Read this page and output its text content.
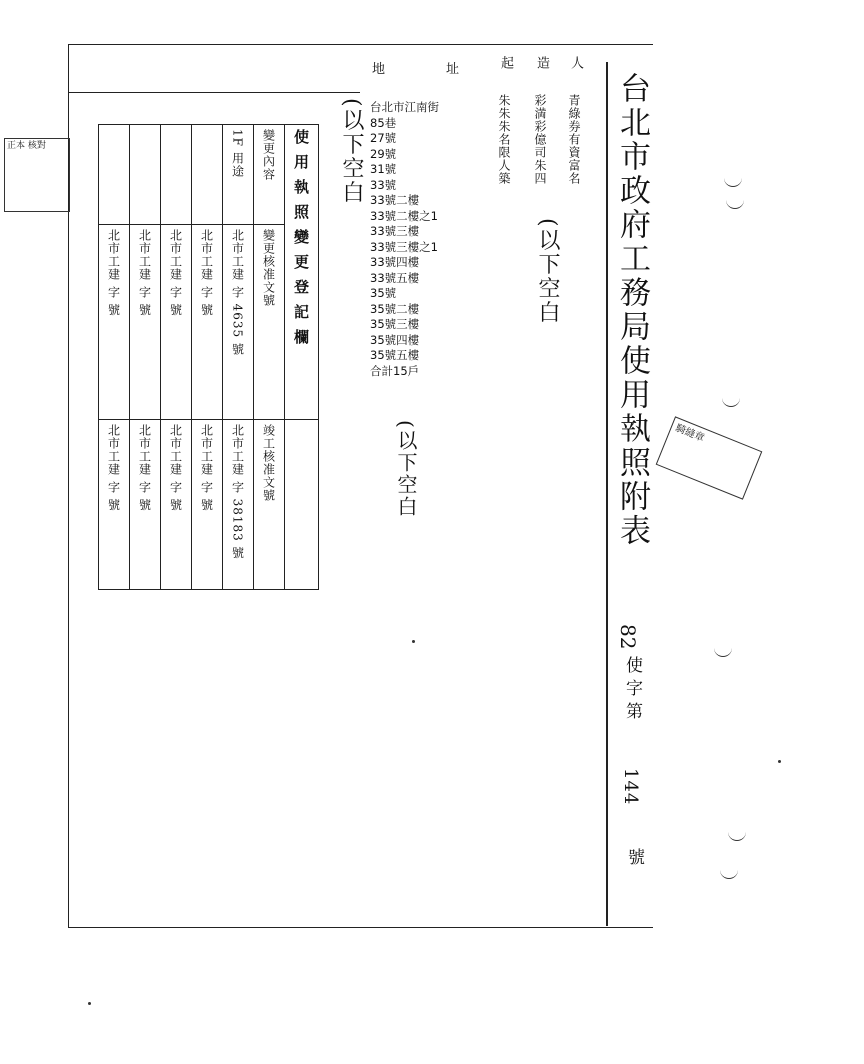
台北市政府工務局使用執照附表
82
使字第
144
號
人
造
起
地	址
青綠券有資富名
彩満彩億司朱四
朱朱朱名限人築
(以下空白
台北市江南街
85巷
27號
29號
31號
33號
33號二樓
33號二樓之1
33號三樓
33號三樓之1
33號四樓
33號五樓
35號
35號二樓
35號三樓
35號四樓
35號五樓
合計15戶
(以下空白
(以下空白

				1F 用途	變更內容	使用執照變更登記欄

北市工建 字 號	北市工建 字 號	北市工建 字 號	北市工建 字 號	北市工建 字 4635 號	變更核准文號	

北市工建 字 號	北市工建 字 號	北市工建 字 號	北市工建 字 號	北市工建 字 38183 號	竣工核准文號	

正本 核對
騎縫章
